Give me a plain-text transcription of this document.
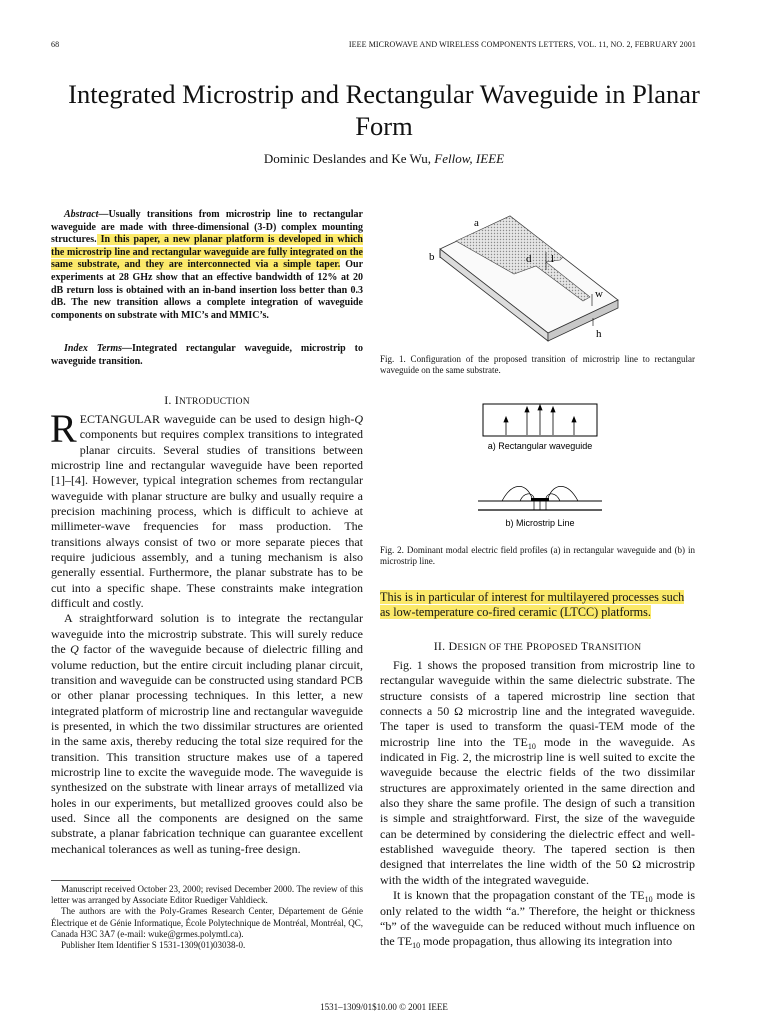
68	IEEE MICROWAVE AND WIRELESS COMPONENTS LETTERS, VOL. 11, NO. 2, FEBRUARY 2001
Integrated Microstrip and Rectangular Waveguide in Planar Form
Dominic Deslandes and Ke Wu, Fellow, IEEE
Abstract—Usually transitions from microstrip line to rectangular waveguide are made with three-dimensional (3-D) complex mounting structures. In this paper, a new planar platform is developed in which the microstrip line and rectangular waveguide are fully integrated on the same substrate, and they are interconnected via a simple taper. Our experiments at 28 GHz show that an effective bandwidth of 12% at 20 dB return loss is obtained with an in-band insertion loss better than 0.3 dB. The new transition allows a complete integration of waveguide components on substrate with MIC’s and MMIC’s.
Index Terms—Integrated rectangular waveguide, microstrip to waveguide transition.
I. INTRODUCTION
RECTANGULAR waveguide can be used to design high-Q components but requires complex transitions to integrated planar circuits. Several studies of transitions between microstrip line and rectangular waveguide have been reported [1]–[4]. However, typical integration schemes from rectangular waveguide with planar structure are bulky and usually require a precision machining process, which is difficult to achieve at millimeter-wave frequencies for mass production. The transitions always consist of two or more separate pieces that require judicious assembly, and a tuning mechanism is also generally essential. Furthermore, the planar substrate has to be cut into a specific shape. These constraints make integration difficult and costly.
A straightforward solution is to integrate the rectangular waveguide into the microstrip substrate. This will surely reduce the Q factor of the waveguide because of dielectric filling and volume reduction, but the entire circuit including planar circuit, transition and waveguide can be constructed using standard PCB or other planar processing techniques. In this letter, a new integrated platform of microstrip line and rectangular waveguide is presented, in which the two dissimilar structures are oriented in the same axis, thereby reducing the total size required for the transition. This transition structure makes use of a tapered microstrip line to excite the waveguide mode. The waveguide is synthesized on the substrate with linear arrays of metallized via holes in our experiments, but metallized grooves could also be used. Since all the components are designed on the same substrate, a planar fabrication technique can guarantee excellent mechanical tolerances as well as tuning-free design.

Manuscript received October 23, 2000; revised December 2000. The review of this letter was arranged by Associate Editor Ruediger Vahldieck.

The authors are with the Poly-Grames Research Center, Département de Génie Électrique et de Génie Informatique, École Polytechnique de Montréal, Montréal, QC, Canada H3C 3A7 (e-mail: wuke@grmes.polymtl.ca).

Publisher Item Identifier S 1531-1309(01)03038-0.

a
b	d l
w
h
Fig. 1. Configuration of the proposed transition of microstrip line to rectangular waveguide on the same substrate.
a) Rectangular waveguide
b) Microstrip Line
Fig. 2. Dominant modal electric field profiles (a) in rectangular waveguide and (b) in microstrip line.
This is in particular of interest for multilayered processes such as low-temperature co-fired ceramic (LTCC) platforms.
II. DESIGN OF THE PROPOSED TRANSITION
Fig. 1 shows the proposed transition from microstrip line to rectangular waveguide within the same dielectric substrate. The structure consists of a tapered microstrip line section that connects a 50 Ω microstrip line and the integrated waveguide. The taper is used to transform the quasi-TEM mode of the microstrip line into the $TE_{10}$ mode in the waveguide. As indicated in Fig. 2, the microstrip line is well suited to excite the waveguide because the electric fields of the two dissimilar structures are approximately oriented in the same direction and also they share the same profile. The design of such a transition is simple and straightforward. First, the size of the waveguide can be determined by considering the dielectric effect and well-established waveguide theory. The tapered section is then designed that interrelates the line width of the 50 Ω microstrip with the width of the integrated waveguide.
It is known that the propagation constant of the $TE_{10}$ mode is only related to the width “a.” Therefore, the height or thickness “b” of the waveguide can be reduced without much influence on the $TE_{10}$ mode propagation, thus allowing its integration into
1531–1309/01$10.00 © 2001 IEEE
